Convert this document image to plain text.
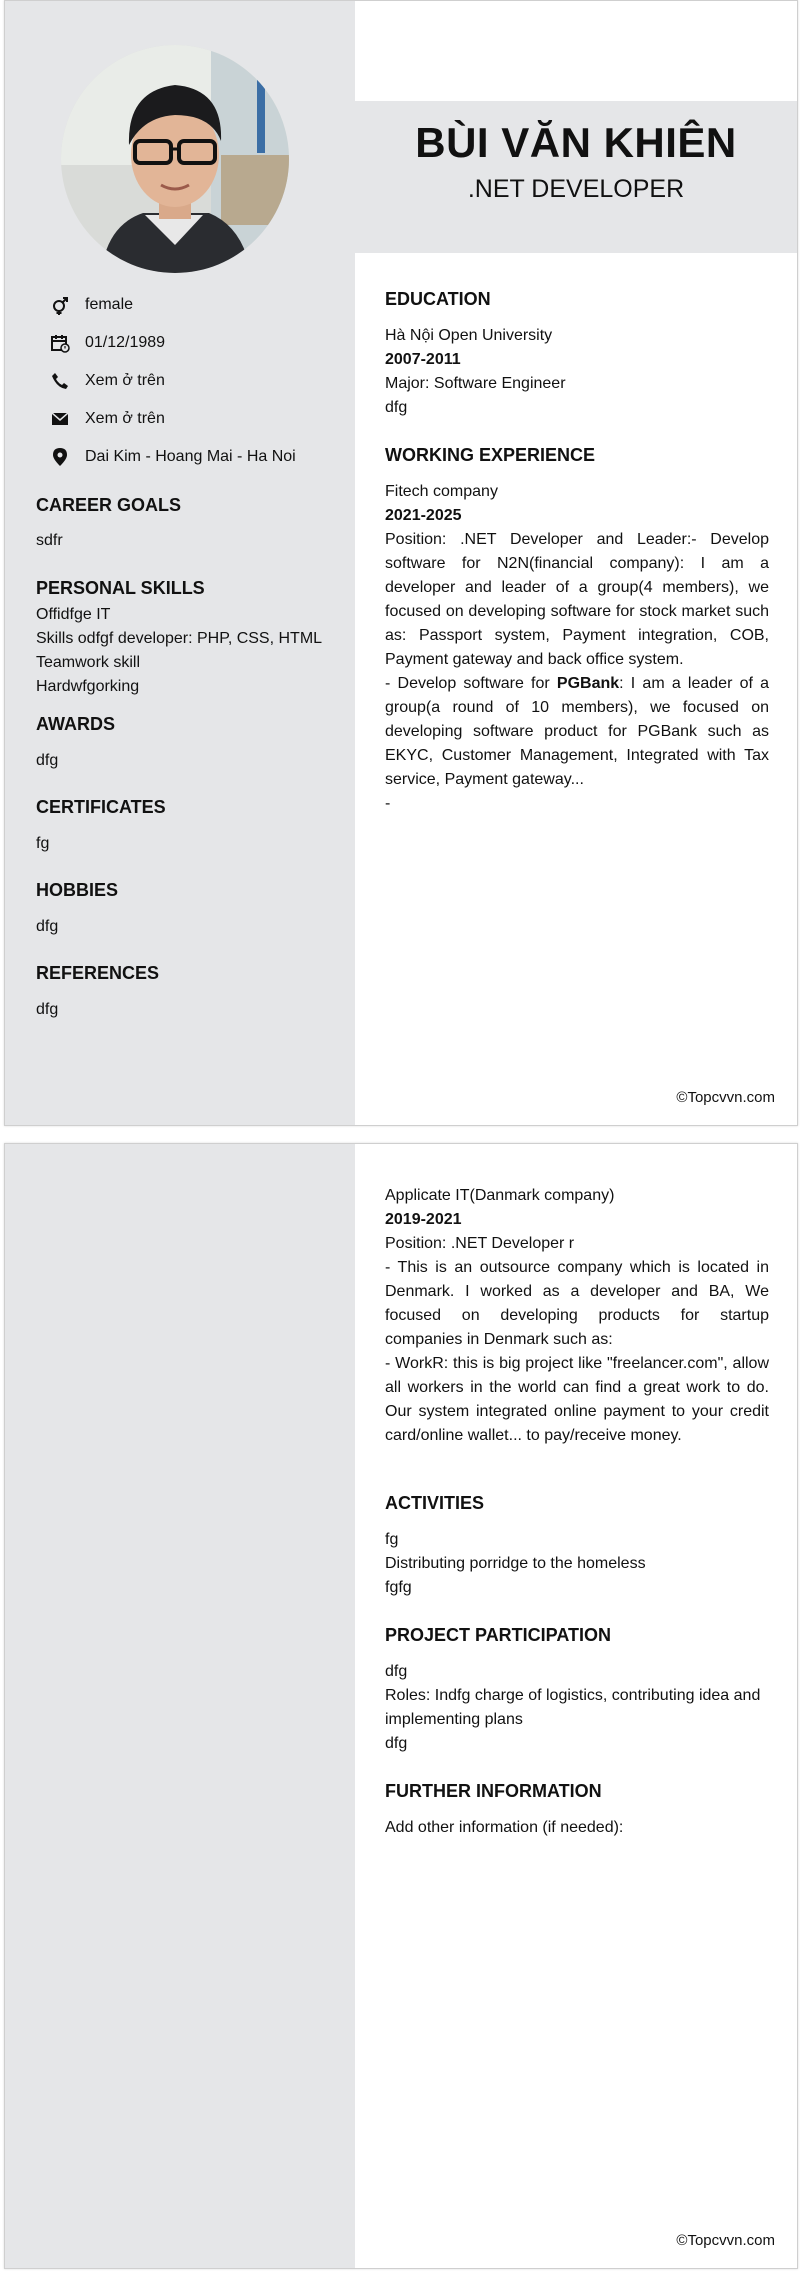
BÙI VĂN KHIÊN
.NET DEVELOPER
female
01/12/1989
Xem ở trên
Xem ở trên
Dai Kim - Hoang Mai - Ha Noi
CAREER GOALS
sdfr
PERSONAL SKILLS
Offidfge IT
Skills odfgf developer: PHP, CSS, HTML
Teamwork skill
Hardwfgorking
AWARDS
dfg
CERTIFICATES
fg
HOBBIES
dfg
REFERENCES
dfg
EDUCATION
Hà Nội Open University
2007-2011
Major: Software Engineer
dfg
WORKING EXPERIENCE
Fitech company
2021-2025
Position: .NET Developer and Leader:- Develop software for N2N(financial company): I am a developer and leader of a group(4 members), we focused on developing software for stock market such as: Passport system, Payment integration, COB, Payment gateway and back office system.
- Develop software for PGBank: I am a leader of a group(a round of 10 members), we focused on developing software product for PGBank such as EKYC, Customer Management, Integrated with Tax service, Payment gateway...
-
©Topcvvn.com
Applicate IT(Danmark company)
2019-2021
Position: .NET Developer r
- This is an outsource company which is located in Denmark. I worked as a developer and BA, We focused on developing products for startup companies in Denmark such as:
- WorkR: this is big project like "freelancer.com", allow all workers in the world can find a great work to do. Our system integrated online payment to your credit card/online wallet... to pay/receive money.
ACTIVITIES
fg
Distributing porridge to the homeless
fgfg
PROJECT PARTICIPATION
dfg
Roles: Indfg charge of logistics, contributing idea and implementing plans
dfg
FURTHER INFORMATION
Add other information (if needed):
©Topcvvn.com
